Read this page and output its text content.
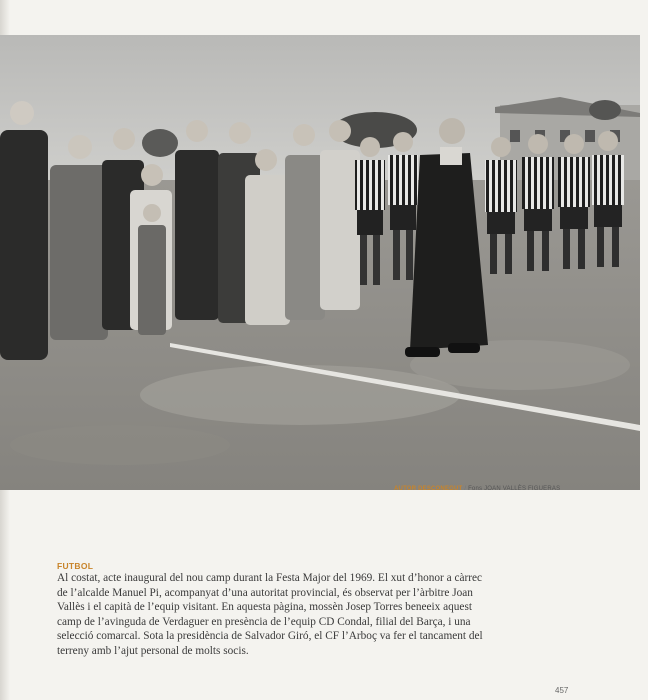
AUTOR DESCONEGUT / Fons JOAN VALLÈS FIGUERAS
FUTBOL
Al costat, acte inaugural del nou camp durant la Festa Major del 1969. El xut d’honor a càrrec
de l’alcalde Manuel Pi, acompanyat d’una autoritat provincial, és observat per l’àrbitre Joan
Vallès i el capità de l’equip visitant. En aquesta pàgina, mossèn Josep Torres beneeix aquest
camp de l’avinguda de Verdaguer en presència de l’equip CD Condal, filial del Barça, i una
selecció comarcal. Sota la presidència de Salvador Giró, el CF l’Arboç va fer el tancament del
terreny amb l’ajut personal de molts socis.
457
